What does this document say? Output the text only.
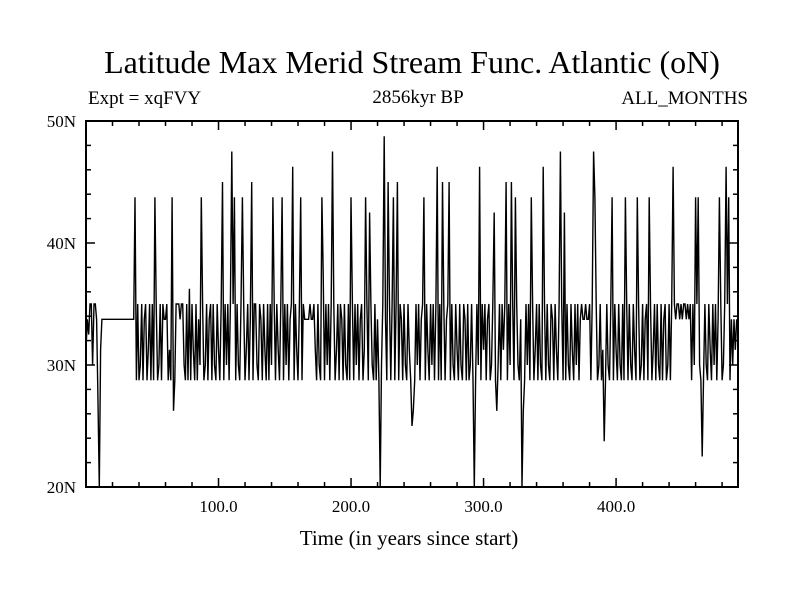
Latitude Max Merid Stream Func. Atlantic (oN)
Expt = xqFVY	2856kyr BP	ALL_MONTHS
Time (in years since start)
100.0	200.0	300.0	400.0
20N
30N
40N
50N
